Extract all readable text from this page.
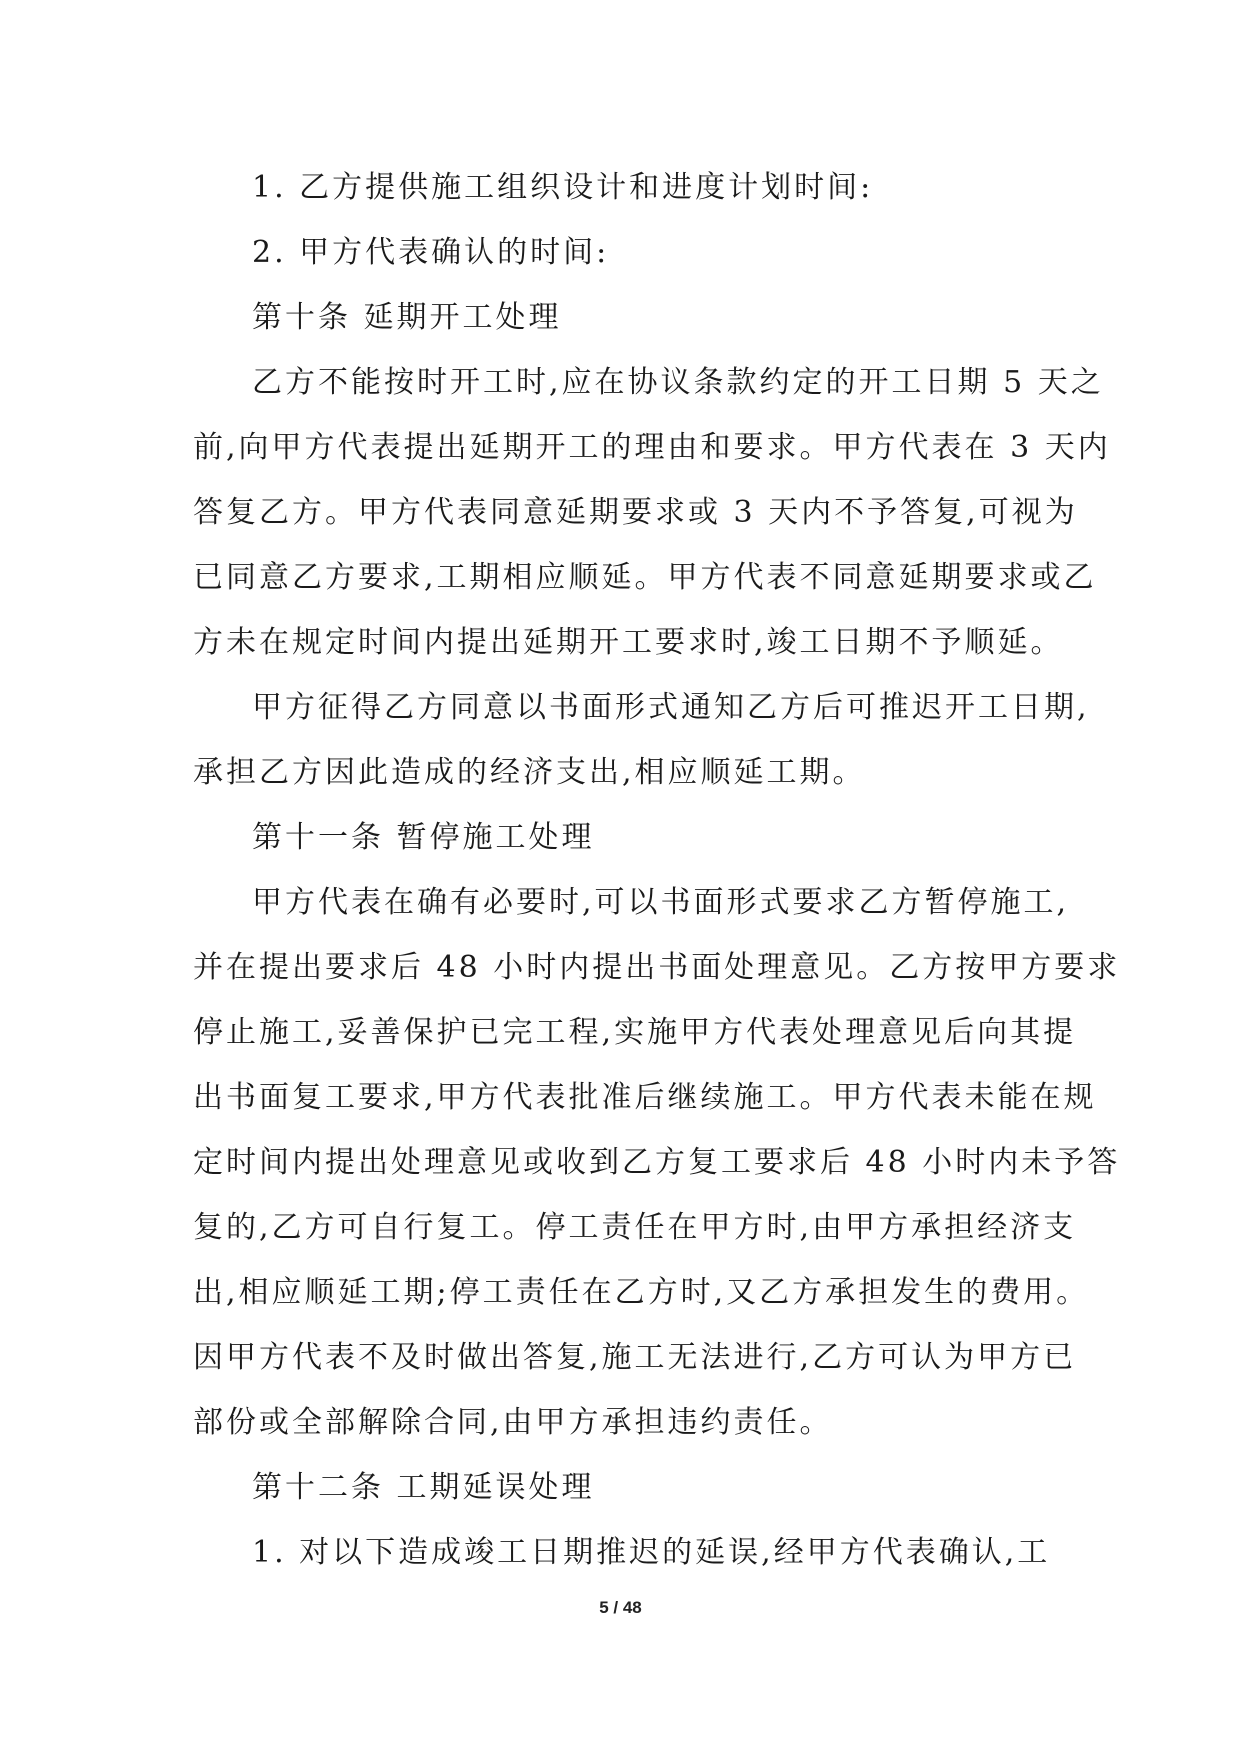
1. 乙方提供施工组织设计和进度计划时间:
2. 甲方代表确认的时间:
第十条 延期开工处理
乙方不能按时开工时,应在协议条款约定的开工日期 5 天之
前,向甲方代表提出延期开工的理由和要求。甲方代表在 3 天内
答复乙方。甲方代表同意延期要求或 3 天内不予答复,可视为
已同意乙方要求,工期相应顺延。甲方代表不同意延期要求或乙
方未在规定时间内提出延期开工要求时,竣工日期不予顺延。
甲方征得乙方同意以书面形式通知乙方后可推迟开工日期,
承担乙方因此造成的经济支出,相应顺延工期。
第十一条 暂停施工处理
甲方代表在确有必要时,可以书面形式要求乙方暂停施工,
并在提出要求后 48 小时内提出书面处理意见。乙方按甲方要求
停止施工,妥善保护已完工程,实施甲方代表处理意见后向其提
出书面复工要求,甲方代表批准后继续施工。甲方代表未能在规
定时间内提出处理意见或收到乙方复工要求后 48 小时内未予答
复的,乙方可自行复工。停工责任在甲方时,由甲方承担经济支
出,相应顺延工期;停工责任在乙方时,又乙方承担发生的费用。
因甲方代表不及时做出答复,施工无法进行,乙方可认为甲方已
部份或全部解除合同,由甲方承担违约责任。
第十二条 工期延误处理
1. 对以下造成竣工日期推迟的延误,经甲方代表确认,工
5 / 48
